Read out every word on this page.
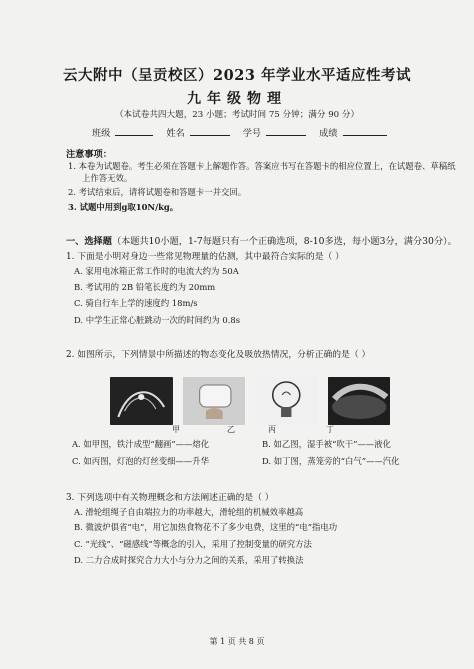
云大附中（呈贡校区）2023 年学业水平适应性考试
九年级物理
（本试卷共四大题，23 小题；考试时间 75 分钟；满分 90 分）
班级	姓名	学号	成绩
注意事项：
1. 本卷为试题卷。考生必须在答题卡上解题作答。答案应书写在答题卡的相应位置上，在试题卷、草稿纸
上作答无效。
2. 考试结束后，请将试题卷和答题卡一并交回。
3. 试题中用到g取10N/kg。
一、选择题（本题共10小题，1-7每题只有一个正确选项，8-10多选，每小题3分，满分30分）。
1. 下面是小明对身边一些常见物理量的估测，其中最符合实际的是（ ）
A. 家用电冰箱正常工作时的电流大约为 50A
B. 考试用的 2B 铅笔长度约为 20mm
C. 骑自行车上学的速度约 18m/s
D. 中学生正常心脏跳动一次的时间约为 0.8s
2. 如图所示，下列情景中所描述的物态变化及吸放热情况，分析正确的是（ ）
甲	乙	丙	丁
A. 如甲图，铁汁成型“翻画”——熔化	B. 如乙图，湿手被“吹干”——液化
C. 如丙图，灯泡的灯丝变细——升华	D. 如丁图，蒸笼旁的“白气”——汽化
3. 下列选项中有关物理概念和方法阐述正确的是（ ）
A. 滑轮组绳子自由端拉力的功率越大，滑轮组的机械效率越高
B. 微波炉俱省“电”，用它加热食物花不了多少电费，这里的“电”指电功
C. “光线”、“磁感线”等概念的引入，采用了控制变量的研究方法
D. 二力合成时探究合力大小与分力之间的关系，采用了转换法
第 1 页 共 8 页
